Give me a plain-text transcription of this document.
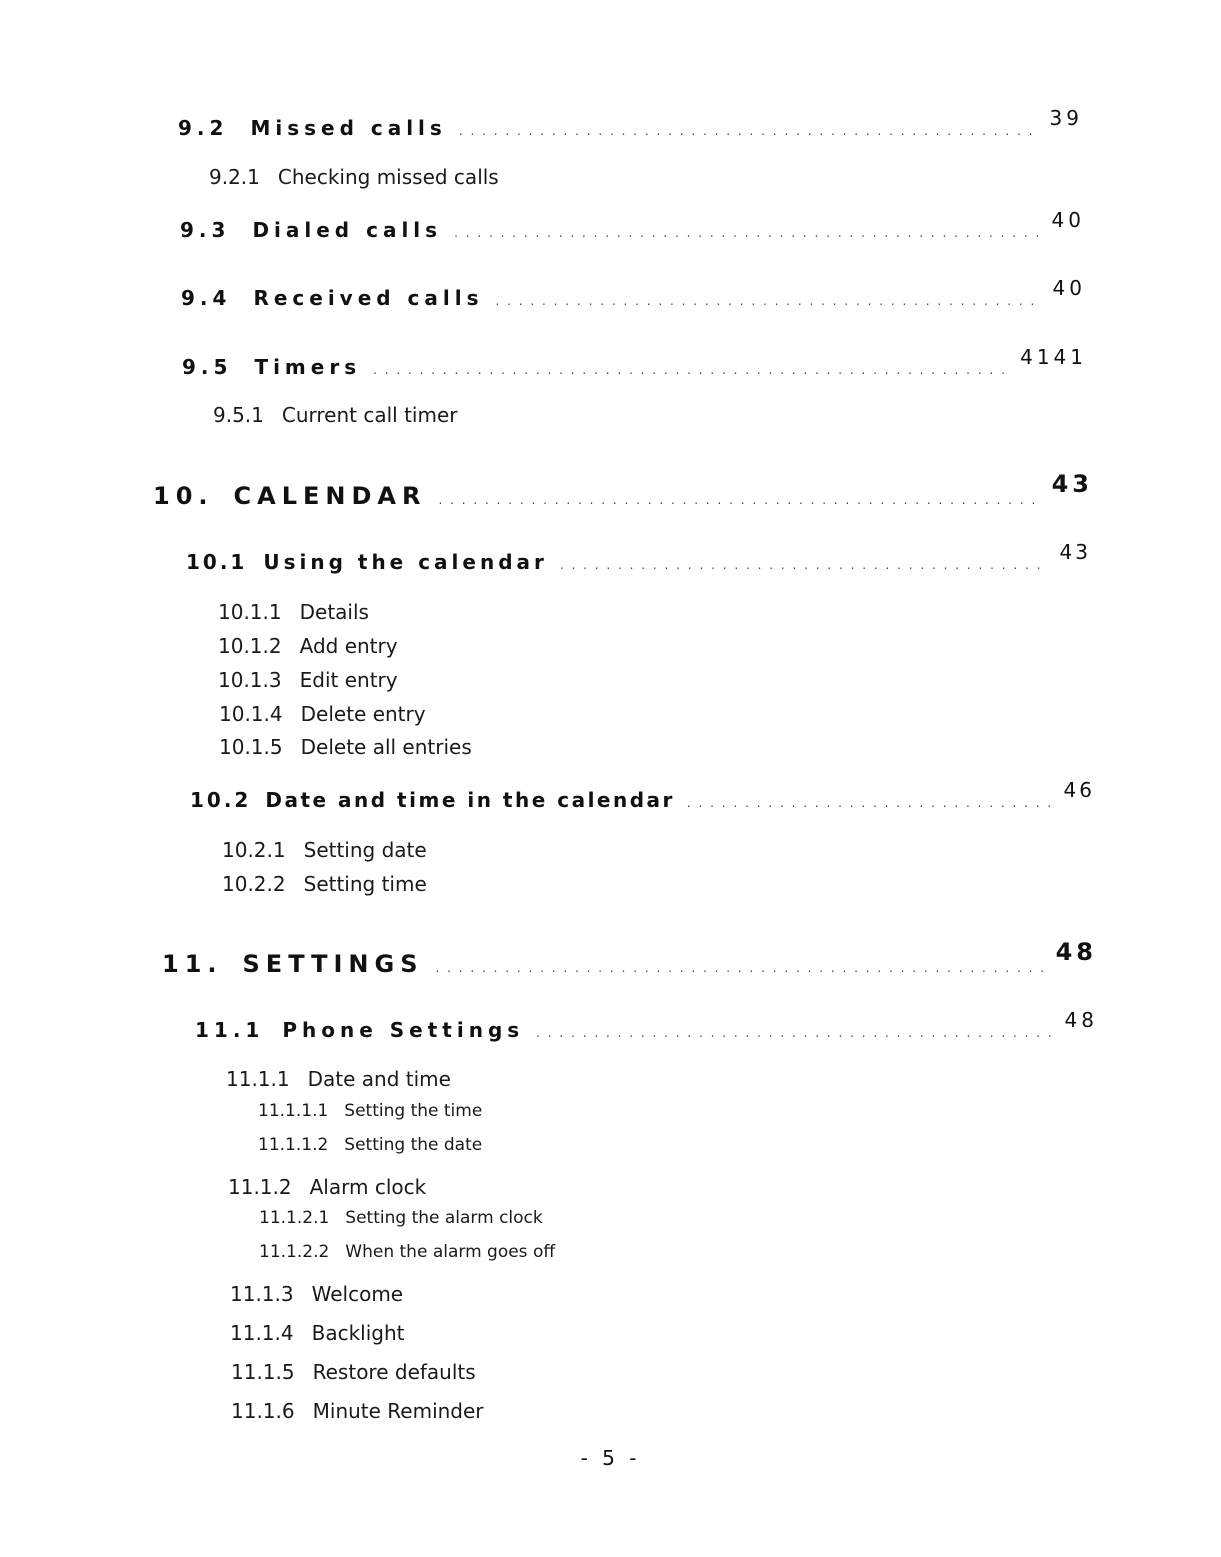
9.2 Missed calls . . .	39
9.2.1 Checking missed calls
9.3 Dialed calls . . .	40
9.4 Received calls . . .	40
9.5 Timers . . .	4141
9.5.1 Current call timer
10. CALENDAR . . .	43
10.1 Using the calendar . . .	43
10.1.1 Details
10.1.2 Add entry
10.1.3 Edit entry
10.1.4 Delete entry
10.1.5 Delete all entries
10.2 Date and time in the calendar . . .	46
10.2.1 Setting date
10.2.2 Setting time
11. SETTINGS . . .	48
11.1 Phone Settings . . .	48
11.1.1 Date and time
11.1.1.1 Setting the time
11.1.1.2 Setting the date
11.1.2 Alarm clock
11.1.2.1 Setting the alarm clock
11.1.2.2 When the alarm goes off
11.1.3 Welcome
11.1.4 Backlight
11.1.5 Restore defaults
11.1.6 Minute Reminder
- 5 -
